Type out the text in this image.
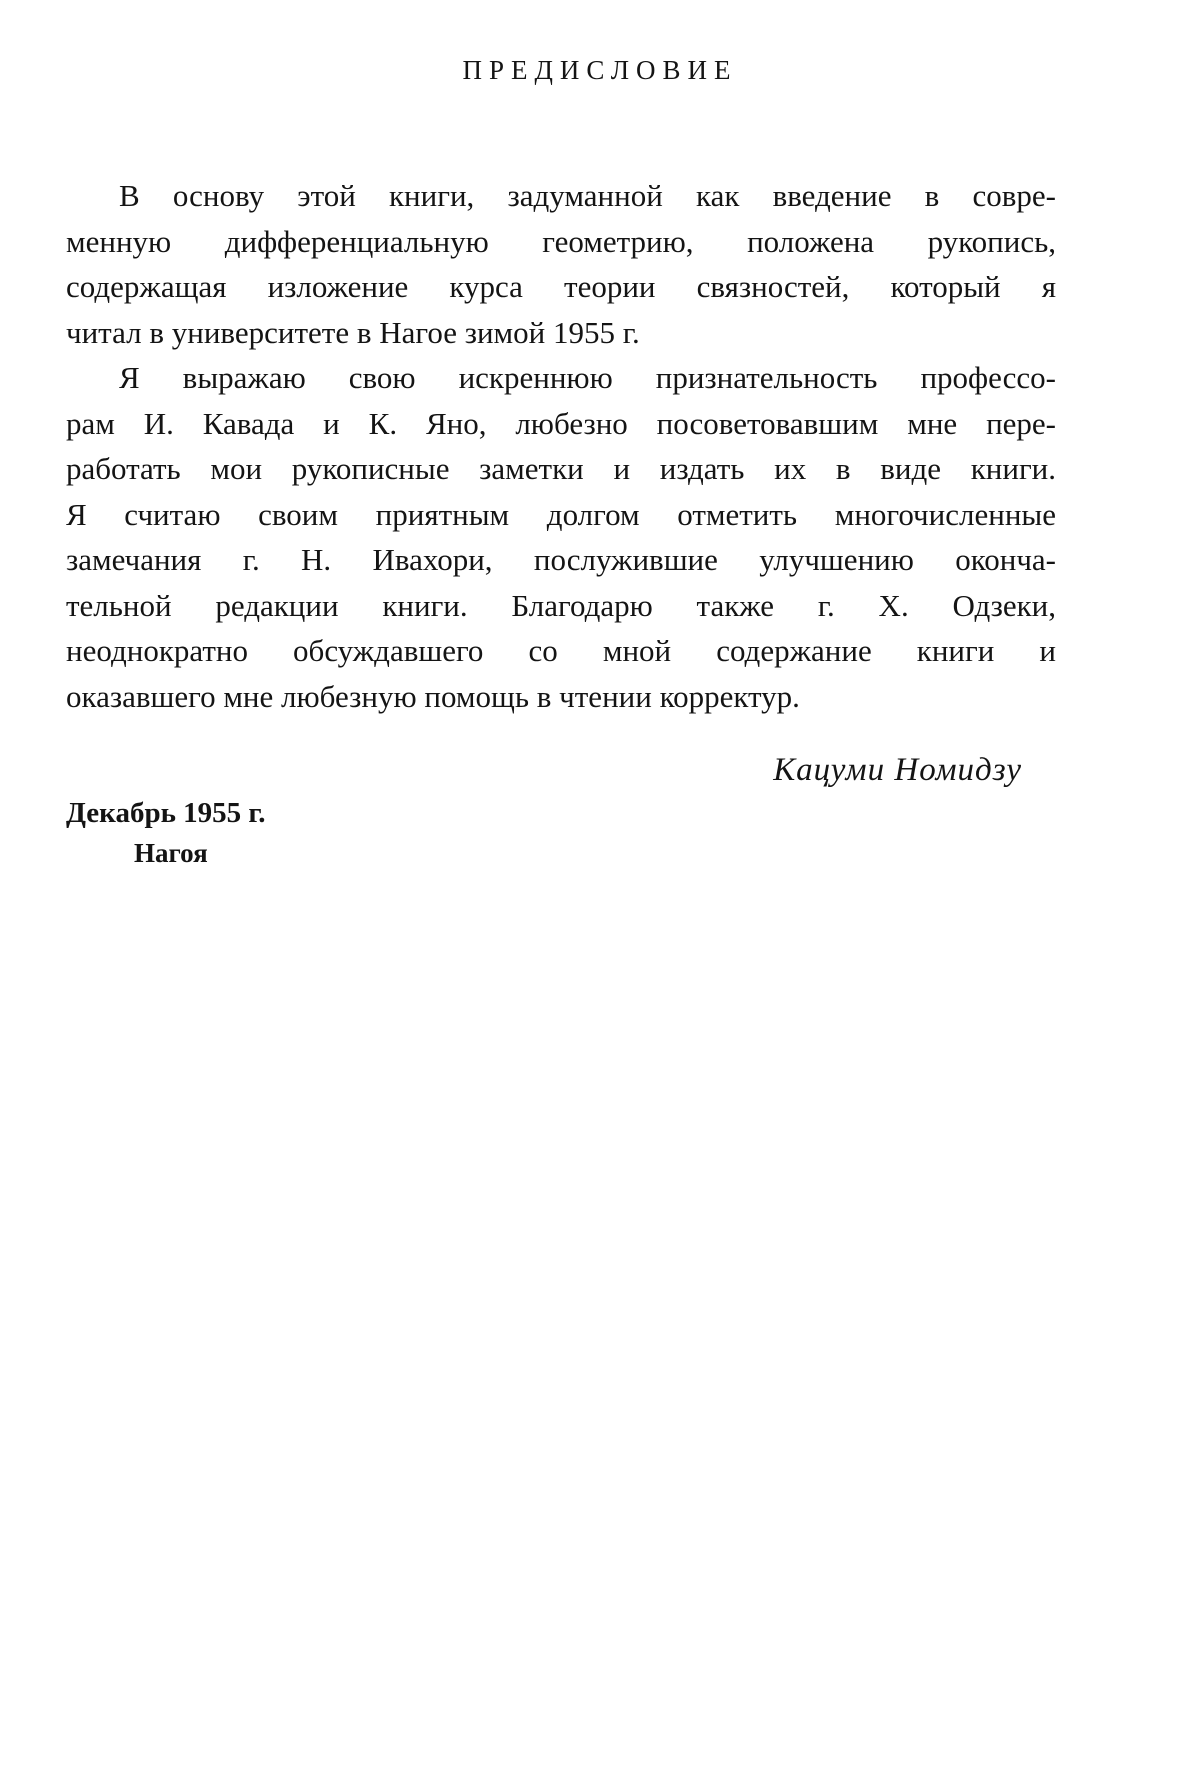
ПРЕДИСЛОВИЕ
В основу этой книги, задуманной как введение в совре-
менную дифференциальную геометрию, положена рукопись,
содержащая изложение курса теории связностей, который я
читал в университете в Нагое зимой 1955 г.
Я выражаю свою искреннюю признательность профессо-
рам И. Кавада и К. Яно, любезно посоветовавшим мне пере-
работать мои рукописные заметки и издать их в виде книги.
Я считаю своим приятным долгом отметить многочисленные
замечания г. Н. Ивахори, послужившие улучшению оконча-
тельной редакции книги. Благодарю также г. Х. Одзеки,
неоднократно обсуждавшего со мной содержание книги и
оказавшего мне любезную помощь в чтении корректур.
Кацуми Номидзу
Декабрь 1955 г.
Нагоя
